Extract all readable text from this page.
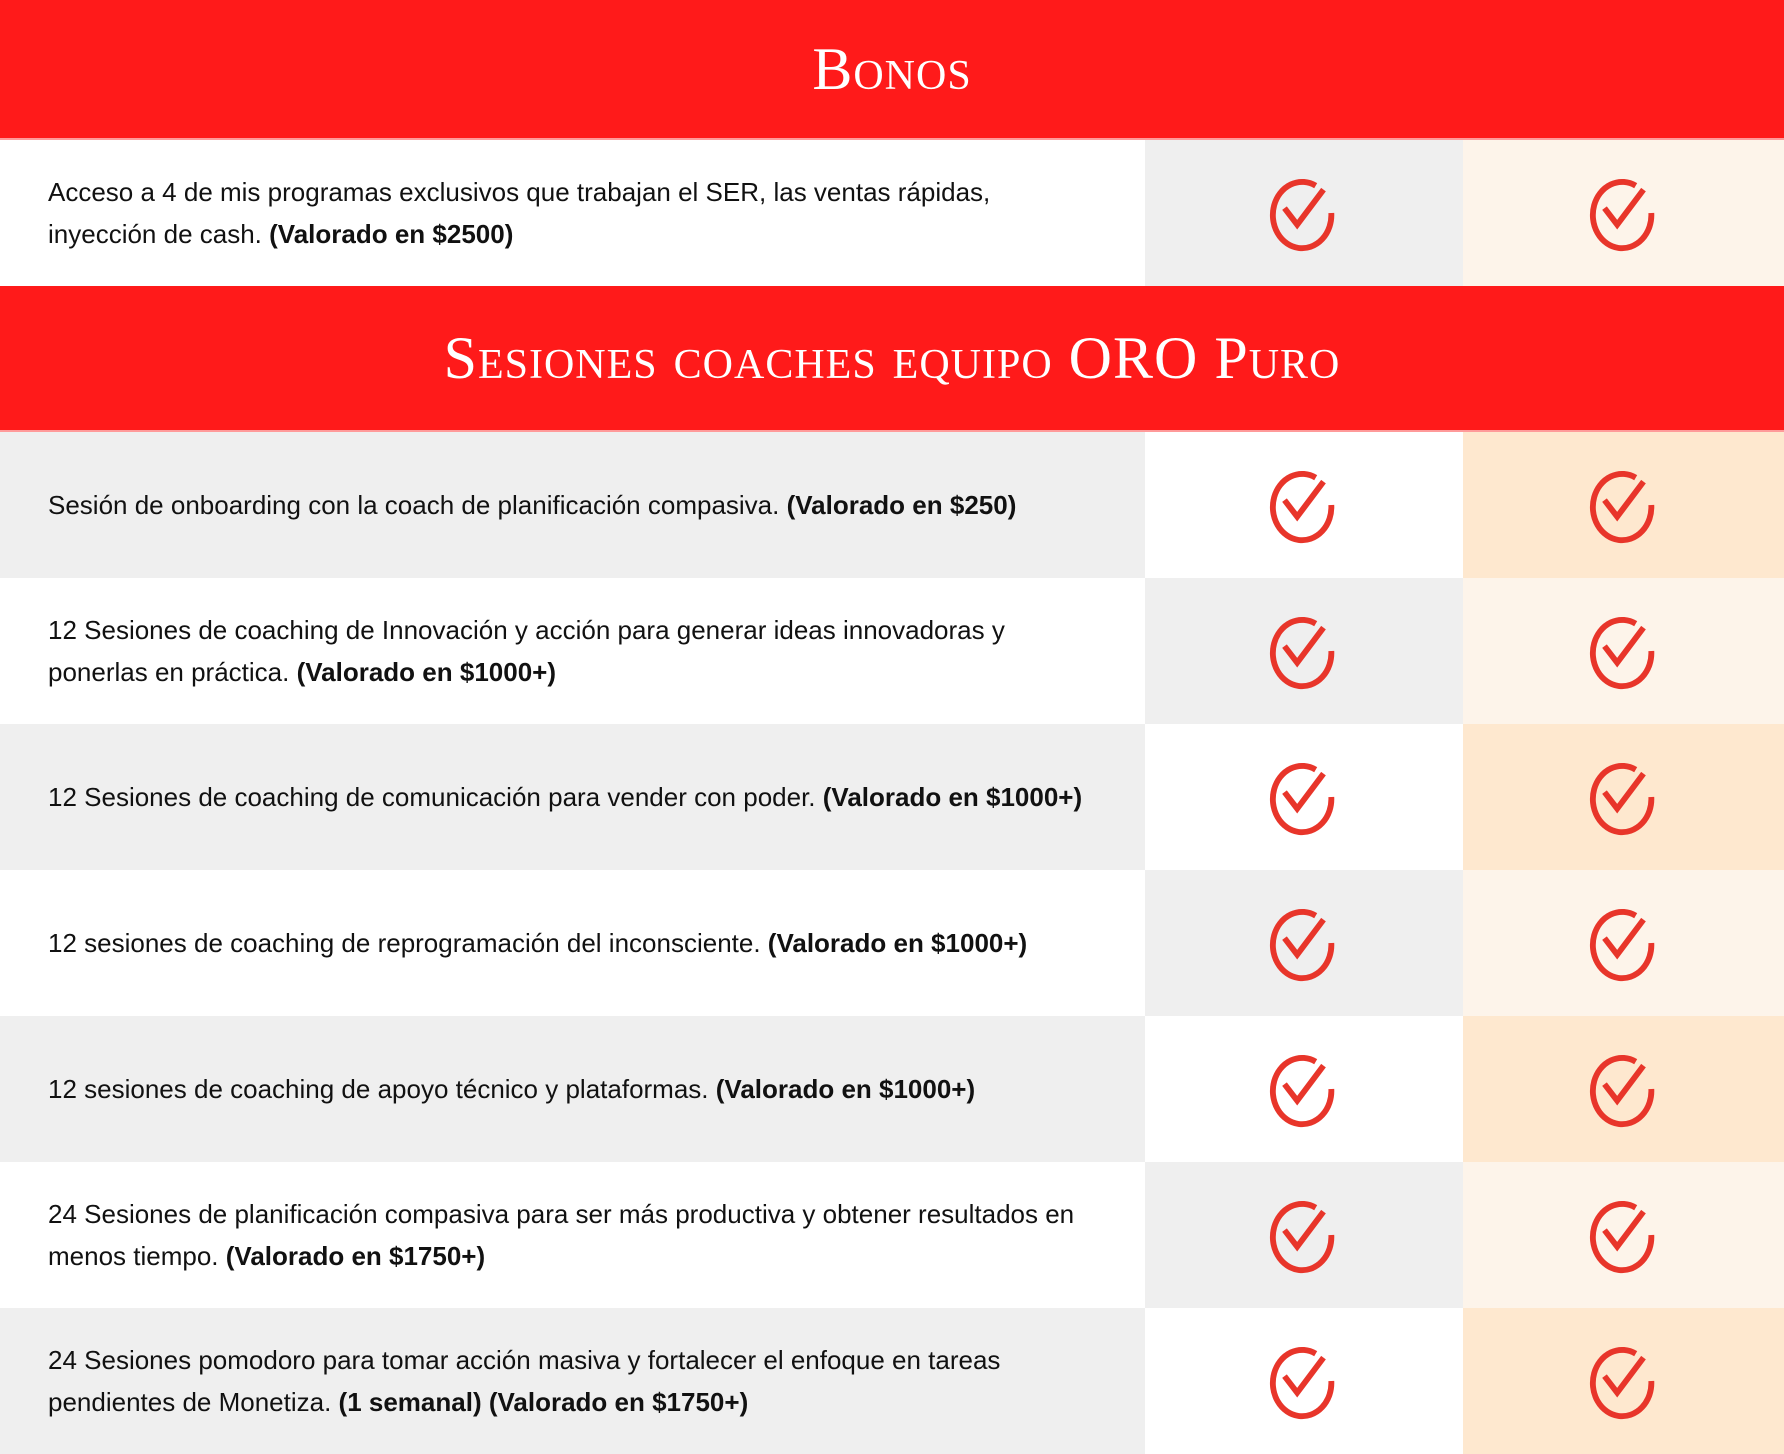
Bonos
Acceso a 4 de mis programas exclusivos que trabajan el SER, las ventas rápidas, inyección de cash. (Valorado en $2500)
Sesiones coaches equipo ORO Puro
Sesión de onboarding con la coach de planificación compasiva. (Valorado en $250)
12 Sesiones de coaching de Innovación y acción para generar ideas innovadoras y ponerlas en práctica. (Valorado en $1000+)
12 Sesiones de coaching de comunicación para vender con poder. (Valorado en $1000+)
12 sesiones de coaching de reprogramación del inconsciente. (Valorado en $1000+)
12 sesiones de coaching de apoyo técnico y plataformas. (Valorado en $1000+)
24 Sesiones de planificación compasiva para ser más productiva y obtener resultados en menos tiempo. (Valorado en $1750+)
24 Sesiones pomodoro para tomar acción masiva y fortalecer el enfoque en tareas pendientes de Monetiza. (1 semanal) (Valorado en $1750+)
